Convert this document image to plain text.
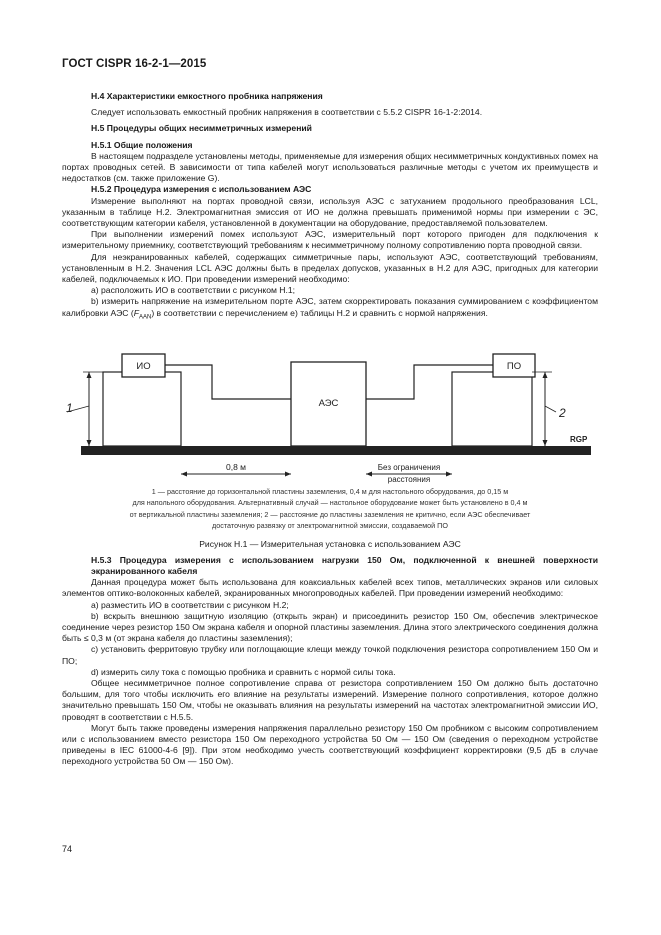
ГОСТ CISPR 16-2-1—2015

H.4 Характеристики емкостного пробника напряжения

Следует использовать емкостный пробник напряжения в соответствии с 5.5.2 CISPR 16-1-2:2014.

H.5 Процедуры общих несимметричных измерений

H.5.1 Общие положения

В настоящем подразделе установлены методы, применяемые для измерения общих несимметричных кондуктивных помех на портах проводных сетей. В зависимости от типа кабелей могут использоваться различные методы с учетом их преимуществ и недостатков (см. также приложение G).

H.5.2 Процедура измерения с использованием АЭС

Измерение выполняют на портах проводной связи, используя АЭС с затуханием продольного преобразования LCL, указанным в таблице H.2. Электромагнитная эмиссия от ИО не должна превышать применимой нормы при измерении с ЭС, соответствующим категории кабеля, установленной в документации на оборудование, предоставляемой пользователем.

При выполнении измерений помех используют АЭС, измерительный порт которого пригоден для подключения к измерительному приемнику, соответствующий требованиям к несимметричному полному сопротивлению порта проводной связи.

Для неэкранированных кабелей, содержащих симметричные пары, используют АЭС, соответствующий требованиям, установленным в H.2. Значения LCL АЭС должны быть в пределах допусков, указанных в H.2 для АЭС, пригодных для категории кабелей, подключаемых к ИО. При проведении измерений необходимо:

a) расположить ИО в соответствии с рисунком H.1;

b) измерить напряжение на измерительном порте АЭС, затем скорректировать показания суммированием с коэффициентом калибровки АЭС $(F_{AAN})$ в соответствии с перечислением e) таблицы H.2 и сравнить с нормой напряжения.

1	2
RGP
0,8 м	Без ограничения
расстояния
ИО
АЭС
ПО
1 — расстояние до горизонтальной пластины заземления, 0,4 м для настольного оборудования, до 0,15 м
для напольного оборудования. Альтернативный случай — настольное оборудование может быть установлено в 0,4 м
от вертикальной пластины заземления; 2 — расстояние до пластины заземления не критично, если АЭС обеспечивает
достаточную развязку от электромагнитной эмиссии, создаваемой ПО

Рисунок H.1 — Измерительная установка с использованием АЭС

H.5.3 Процедура измерения с использованием нагрузки 150 Ом, подключенной к внешней поверхности экранированного кабеля

Данная процедура может быть использована для коаксиальных кабелей всех типов, металлических экранов или силовых элементов оптико-волоконных кабелей, экранированных многопроводных кабелей. При проведении измерений необходимо:

a) разместить ИО в соответствии с рисунком H.2;

b) вскрыть внешнюю защитную изоляцию (открыть экран) и присоединить резистор 150 Ом, обеспечив электрическое соединение через резистор 150 Ом экрана кабеля и опорной пластины заземления. Длина этого электрического соединения должна быть ≤ 0,3 м (от экрана кабеля до пластины заземления);

c) установить ферритовую трубку или поглощающие клещи между точкой подключения резистора сопротивлением 150 Ом и ПО;

d) измерить силу тока с помощью пробника и сравнить с нормой силы тока.

Общее несимметричное полное сопротивление справа от резистора сопротивлением 150 Ом должно быть достаточно большим, для того чтобы исключить его влияние на результаты измерений. Измерение полного сопротивления, которое должно значительно превышать 150 Ом, чтобы не оказывать влияния на результаты измерений на частотах электромагнитной эмиссии ИО, проводят в соответствии с H.5.5.

Могут быть также проведены измерения напряжения параллельно резистору 150 Ом пробником с высоким сопротивлением или с использованием вместо резистора 150 Ом переходного устройства 50 Ом — 150 Ом (сведения о переходном устройстве приведены в IEC 61000-4-6 [9]). При этом необходимо учесть соответствующий коэффициент корректировки (9,5 дБ в случае переходного устройства 50 Ом — 150 Ом).

74
